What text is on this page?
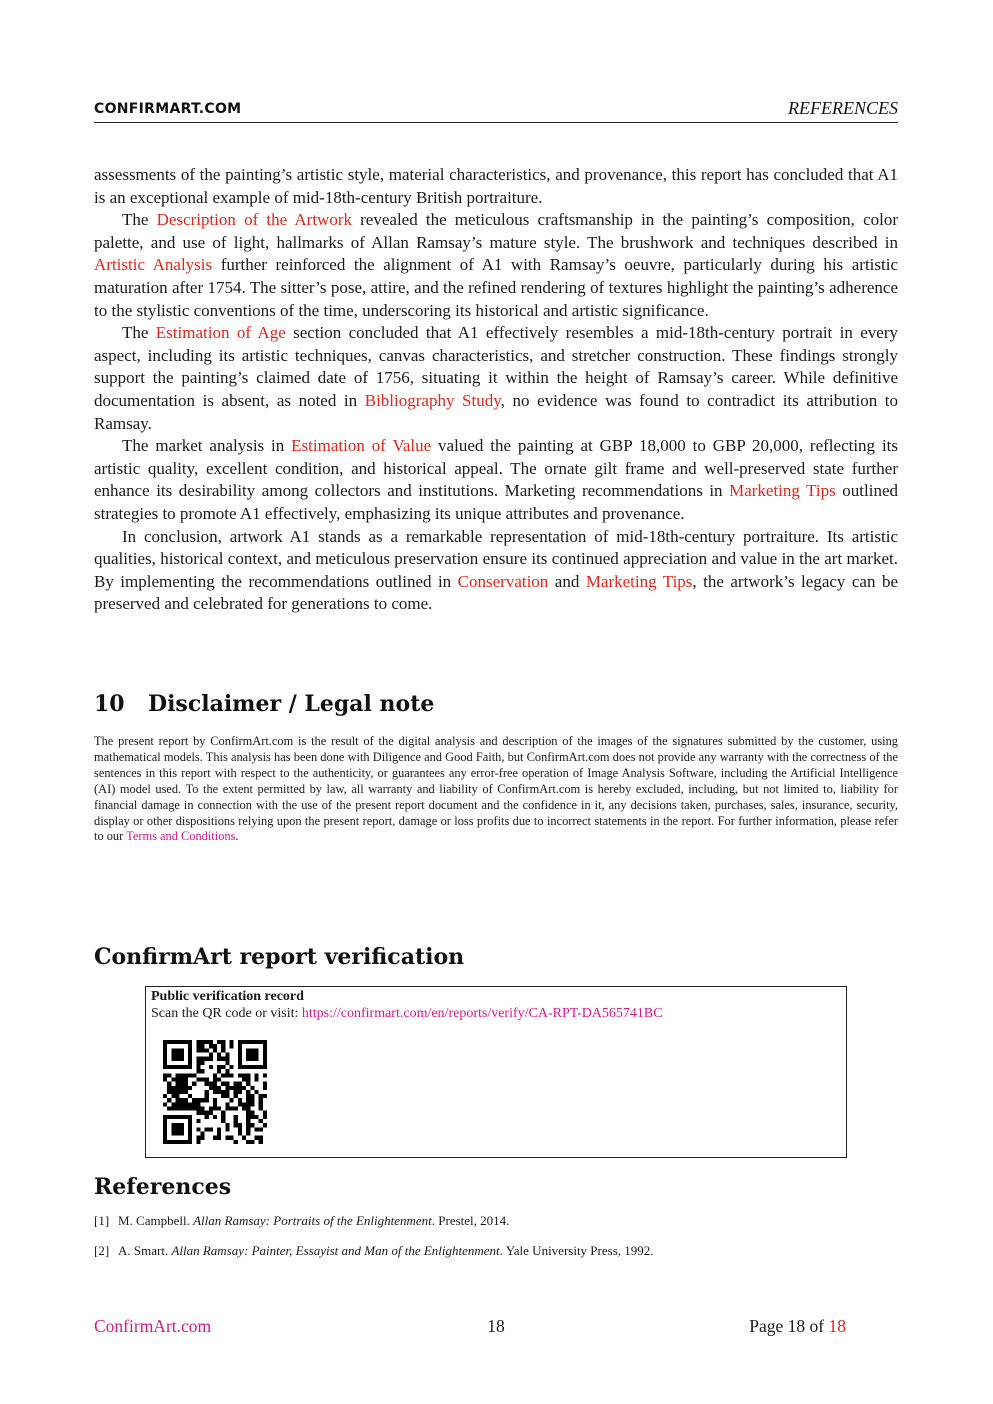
CONFIRMART.COM	REFERENCES

assessments of the painting’s artistic style, material characteristics, and provenance, this report has concluded that A1 is an exceptional example of mid-18th-century British portraiture.

The Description of the Artwork revealed the meticulous craftsmanship in the painting’s composition, color palette, and use of light, hallmarks of Allan Ramsay’s mature style. The brushwork and techniques described in Artistic Analysis further reinforced the alignment of A1 with Ramsay’s oeuvre, particularly during his artistic maturation after 1754. The sitter’s pose, attire, and the refined rendering of textures highlight the painting’s adherence to the stylistic conventions of the time, underscoring its historical and artistic significance.

The Estimation of Age section concluded that A1 effectively resembles a mid-18th-century portrait in every aspect, including its artistic techniques, canvas characteristics, and stretcher construction. These findings strongly support the painting’s claimed date of 1756, situating it within the height of Ramsay’s career. While definitive documentation is absent, as noted in Bibliography Study, no evidence was found to contradict its attribution to Ramsay.

The market analysis in Estimation of Value valued the painting at GBP 18,000 to GBP 20,000, reflecting its artistic quality, excellent condition, and historical appeal. The ornate gilt frame and well-preserved state further enhance its desirability among collectors and institutions. Marketing recommendations in Marketing Tips outlined strategies to promote A1 effectively, emphasizing its unique attributes and provenance.

In conclusion, artwork A1 stands as a remarkable representation of mid-18th-century portraiture. Its artistic qualities, historical context, and meticulous preservation ensure its continued appreciation and value in the art market. By implementing the recommendations outlined in Conservation and Marketing Tips, the artwork’s legacy can be preserved and celebrated for generations to come.

10 Disclaimer / Legal note

The present report by ConfirmArt.com is the result of the digital analysis and description of the images of the signatures submitted by the customer, using mathematical models. This analysis has been done with Diligence and Good Faith, but ConfirmArt.com does not provide any warranty with the correctness of the sentences in this report with respect to the authenticity, or guarantees any error-free operation of Image Analysis Software, including the Artificial Intelligence (AI) model used. To the extent permitted by law, all warranty and liability of ConfirmArt.com is hereby excluded, including, but not limited to, liability for financial damage in connection with the use of the present report document and the confidence in it, any decisions taken, purchases, sales, insurance, security, display or other dispositions relying upon the present report, damage or loss profits due to incorrect statements in the report. For further information, please refer to our Terms and Conditions.

ConfirmArt report verification
Public verification record
Scan the QR code or visit: https://confirmart.com/en/reports/verify/CA-RPT-DA565741BC
References
[1] M. Campbell. Allan Ramsay: Portraits of the Enlightenment. Prestel, 2014.
[2] A. Smart. Allan Ramsay: Painter, Essayist and Man of the Enlightenment. Yale University Press, 1992.
ConfirmArt.com	18	Page 18 of 18
